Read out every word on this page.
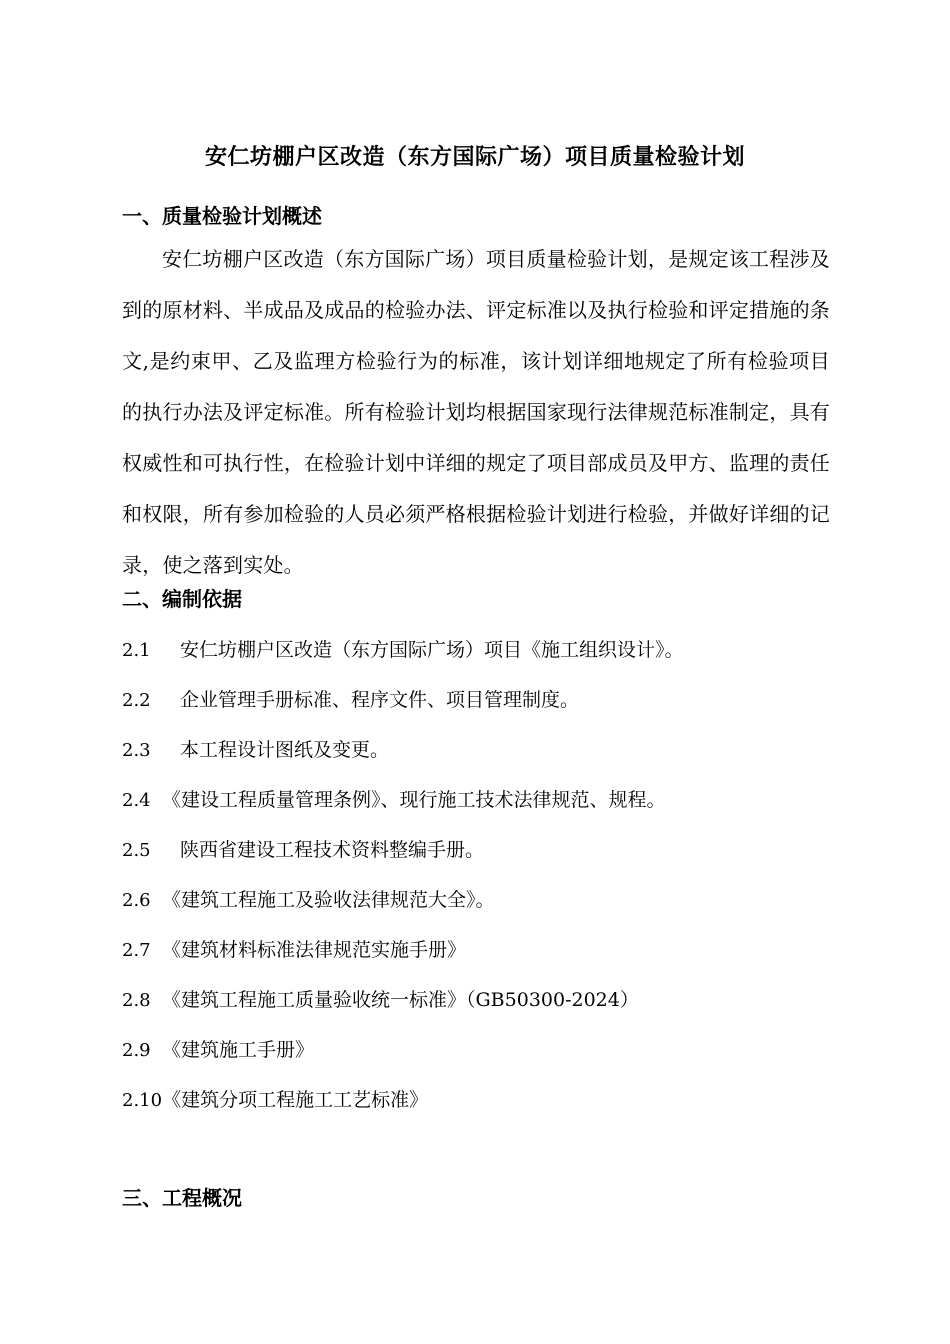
安仁坊棚户区改造（东方国际广场）项目质量检验计划
一、质量检验计划概述
安仁坊棚户区改造（东方国际广场）项目质量检验计划，是规定该工程涉及到的原材料、半成品及成品的检验办法、评定标准以及执行检验和评定措施的条文,是约束甲、乙及监理方检验行为的标准，该计划详细地规定了所有检验项目的执行办法及评定标准。所有检验计划均根据国家现行法律规范标准制定，具有权威性和可执行性，在检验计划中详细的规定了项目部成员及甲方、监理的责任和权限，所有参加检验的人员必须严格根据检验计划进行检验，并做好详细的记录，使之落到实处。
二、编制依据
2.1 安仁坊棚户区改造（东方国际广场）项目《施工组织设计》。
2.2 企业管理手册标准、程序文件、项目管理制度。
2.3 本工程设计图纸及变更。
2.4 《建设工程质量管理条例》、现行施工技术法律规范、规程。
2.5 陕西省建设工程技术资料整编手册。
2.6 《建筑工程施工及验收法律规范大全》。
2.7 《建筑材料标准法律规范实施手册》
2.8 《建筑工程施工质量验收统一标准》（GB50300-2024）
2.9 《建筑施工手册》
2.10《建筑分项工程施工工艺标准》
三、工程概况
